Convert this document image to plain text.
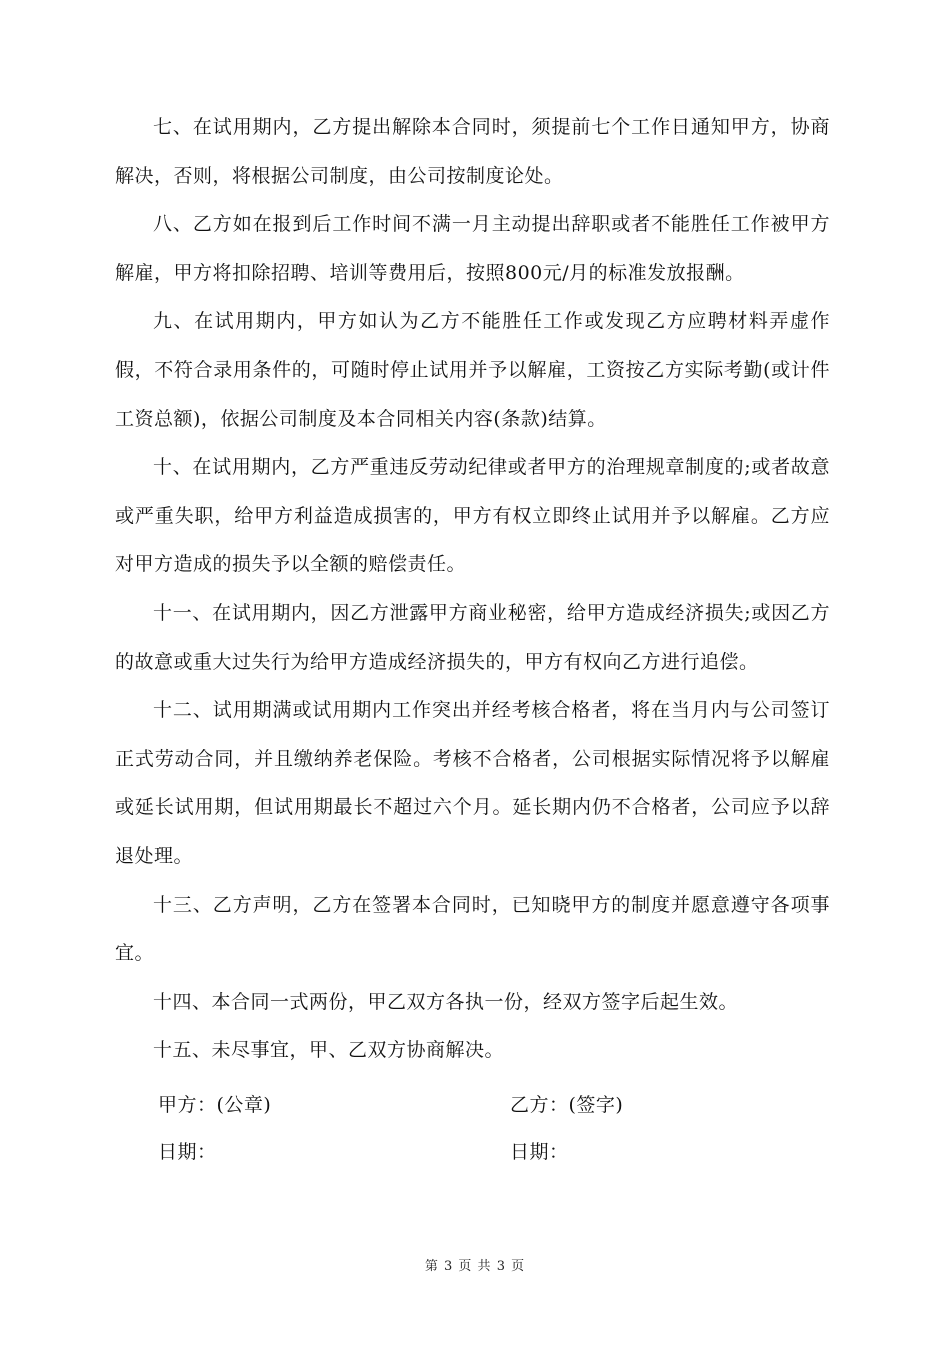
七、在试用期内，乙方提出解除本合同时，须提前七个工作日通知甲方，协商解决，否则，将根据公司制度，由公司按制度论处。

八、乙方如在报到后工作时间不满一月主动提出辞职或者不能胜任工作被甲方解雇，甲方将扣除招聘、培训等费用后，按照800元/月的标准发放报酬。

九、在试用期内，甲方如认为乙方不能胜任工作或发现乙方应聘材料弄虚作假，不符合录用条件的，可随时停止试用并予以解雇，工资按乙方实际考勤(或计件工资总额)，依据公司制度及本合同相关内容(条款)结算。

十、在试用期内，乙方严重违反劳动纪律或者甲方的治理规章制度的;或者故意或严重失职，给甲方利益造成损害的，甲方有权立即终止试用并予以解雇。乙方应对甲方造成的损失予以全额的赔偿责任。

十一、在试用期内，因乙方泄露甲方商业秘密，给甲方造成经济损失;或因乙方的故意或重大过失行为给甲方造成经济损失的，甲方有权向乙方进行追偿。

十二、试用期满或试用期内工作突出并经考核合格者，将在当月内与公司签订正式劳动合同，并且缴纳养老保险。考核不合格者，公司根据实际情况将予以解雇或延长试用期，但试用期最长不超过六个月。延长期内仍不合格者，公司应予以辞退处理。

十三、乙方声明，乙方在签署本合同时，已知晓甲方的制度并愿意遵守各项事宜。

十四、本合同一式两份，甲乙双方各执一份，经双方签字后起生效。

十五、未尽事宜，甲、乙双方协商解决。

甲方：(公章)	乙方：(签字)
日期：	日期：
第 3 页 共 3 页
